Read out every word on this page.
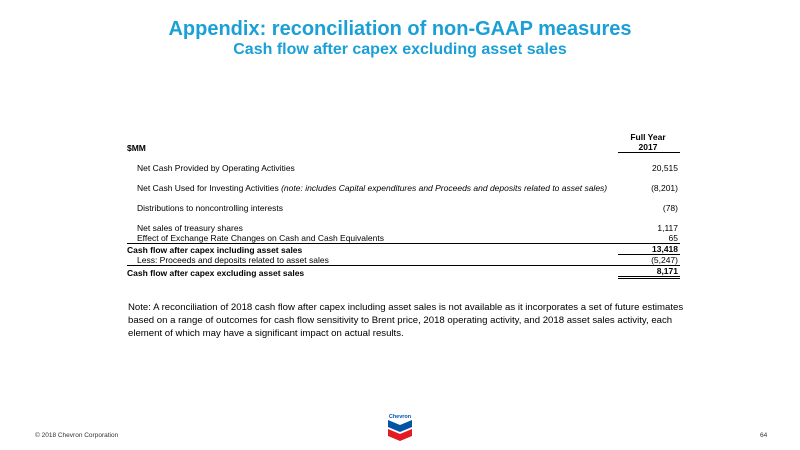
Appendix: reconciliation of non-GAAP measures
Cash flow after capex excluding asset sales
$MM	Full Year
2017

Net Cash Provided by Operating Activities	20,515

Net Cash Used for Investing Activities (note: includes Capital expenditures and Proceeds and deposits related to asset sales)	(8,201)

Distributions to noncontrolling interests	(78)

Net sales of treasury shares	1,117
Effect of Exchange Rate Changes on Cash and Cash Equivalents	65
Cash flow after capex including asset sales	13,418
Less: Proceeds and deposits related to asset sales	(5,247)
Cash flow after capex excluding asset sales	8,171
Note: A reconciliation of 2018 cash flow after capex including asset sales is not available as it incorporates a set of future estimates based on a range of outcomes for cash flow sensitivity to Brent price, 2018 operating activity, and 2018 asset sales activity, each element of which may have a significant impact on actual results.
Chevron
© 2018 Chevron Corporation	64
